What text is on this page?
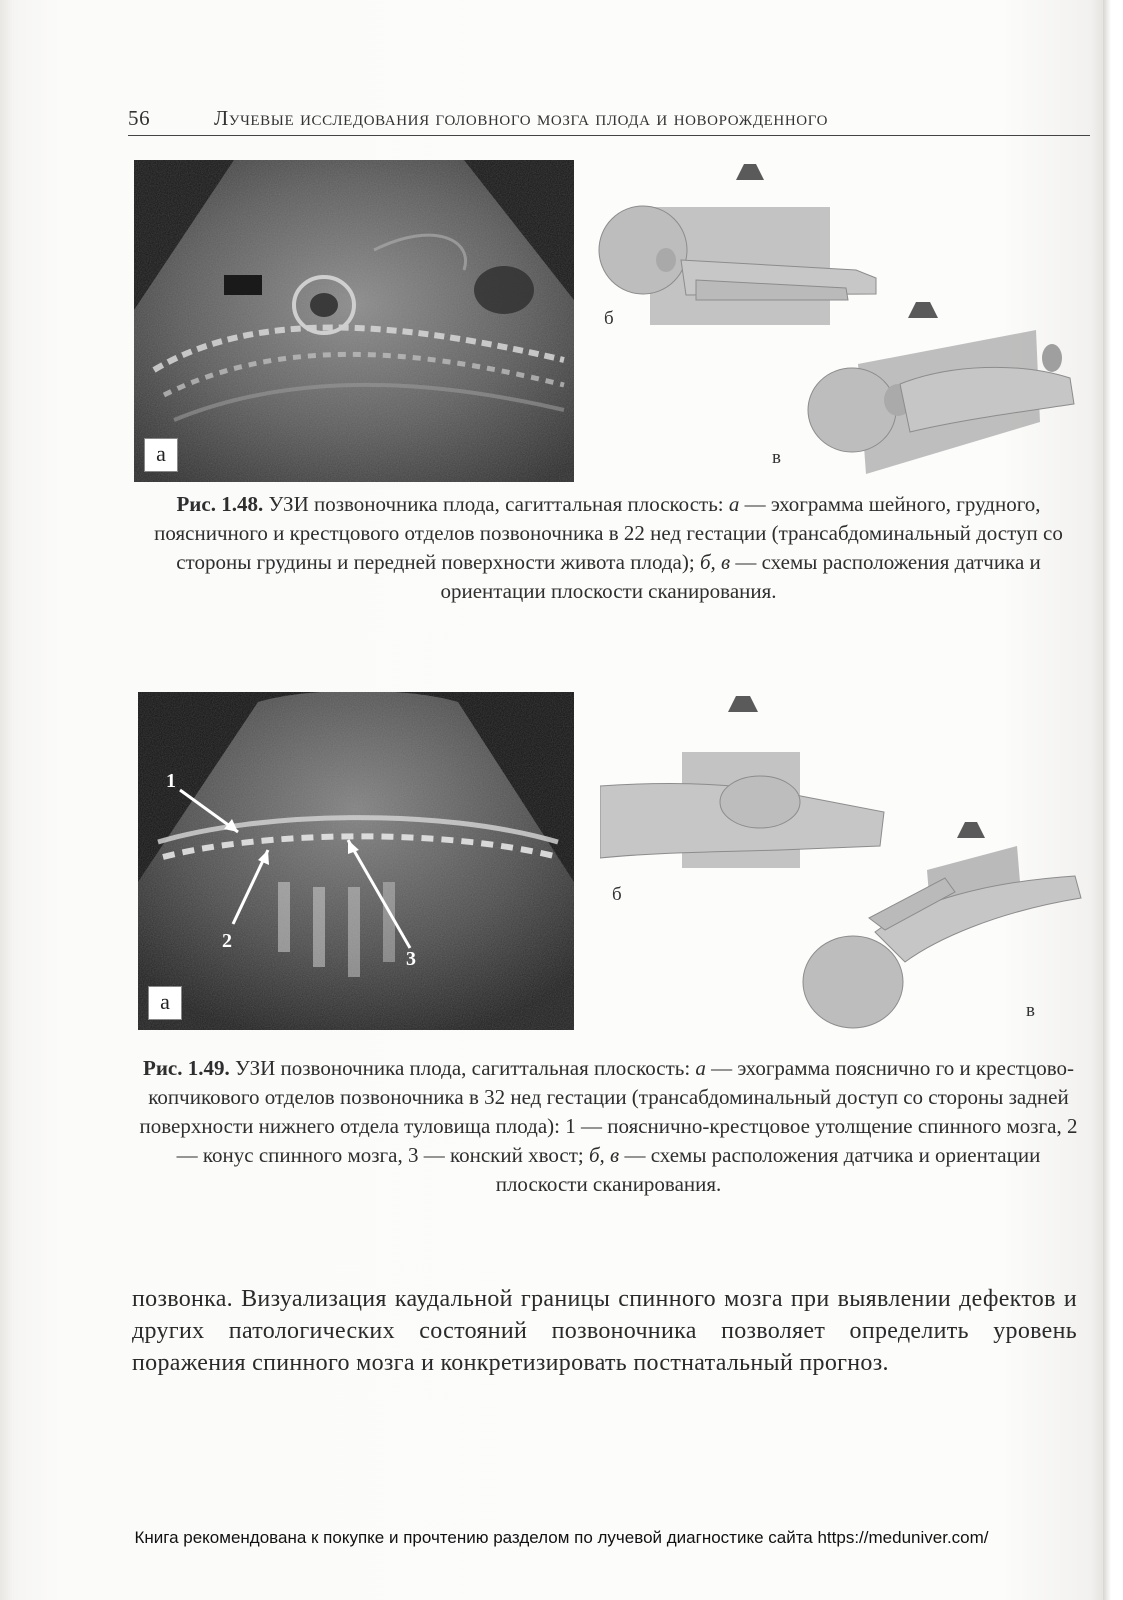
56	Лучевые исследования головного мозга плода и новорожденного
а
б
в
Рис. 1.48. УЗИ позвоночника плода, сагиттальная плоскость: а — эхограмма шейного, грудного, поясничного и крестцового отделов позвоночника в 22 нед гестации (трансабдоминальный доступ со стороны грудины и передней поверхности живота плода); б, в — схемы расположения датчика и ориентации плоскости сканирования.
1
2
3
а
б
в
Рис. 1.49. УЗИ позвоночника плода, сагиттальная плоскость: а — эхограмма пояснично го и крестцово-копчикового отделов позвоночника в 32 нед гестации (трансабдоминальный доступ со стороны задней поверхности нижнего отдела туловища плода): 1 — пояснично-крестцовое утолщение спинного мозга, 2 — конус спинного мозга, 3 — конский хвост; б, в — схемы расположения датчика и ориентации плоскости сканирования.
позвонка. Визуализация каудальной границы спинного мозга при выявлении дефектов и других патологических состояний позвоночника позволяет определить уровень поражения спинного мозга и конкретизировать постнатальный прогноз.
Книга рекомендована к покупке и прочтению разделом по лучевой диагностике сайта https://meduniver.com/
